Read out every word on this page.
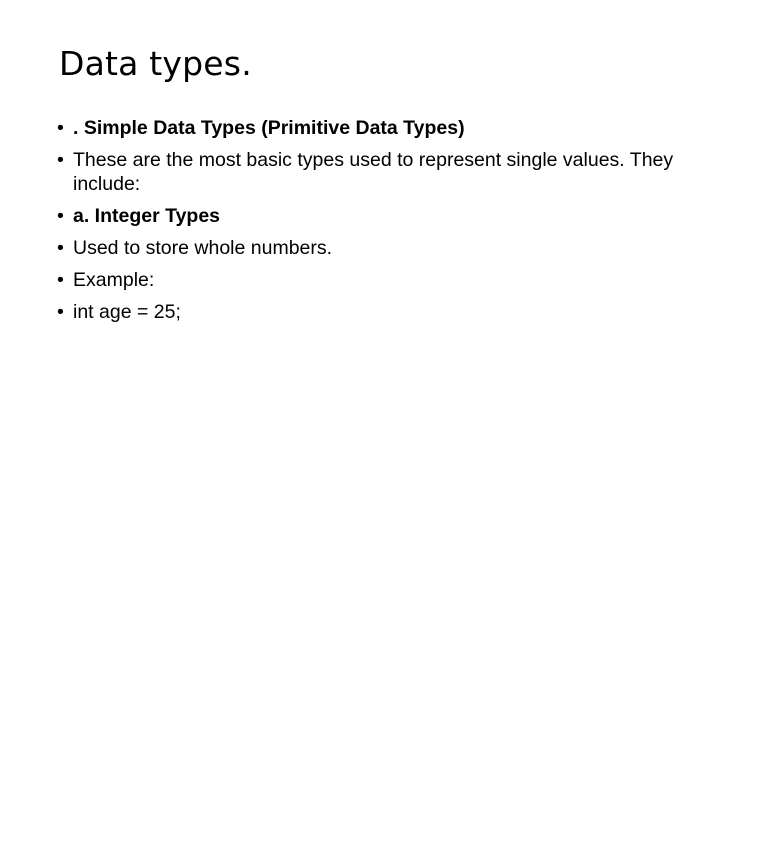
Data types.
• . Simple Data Types (Primitive Data Types)
• These are the most basic types used to represent single values. They include:
• a. Integer Types
• Used to store whole numbers.
• Example:
• int age = 25;
